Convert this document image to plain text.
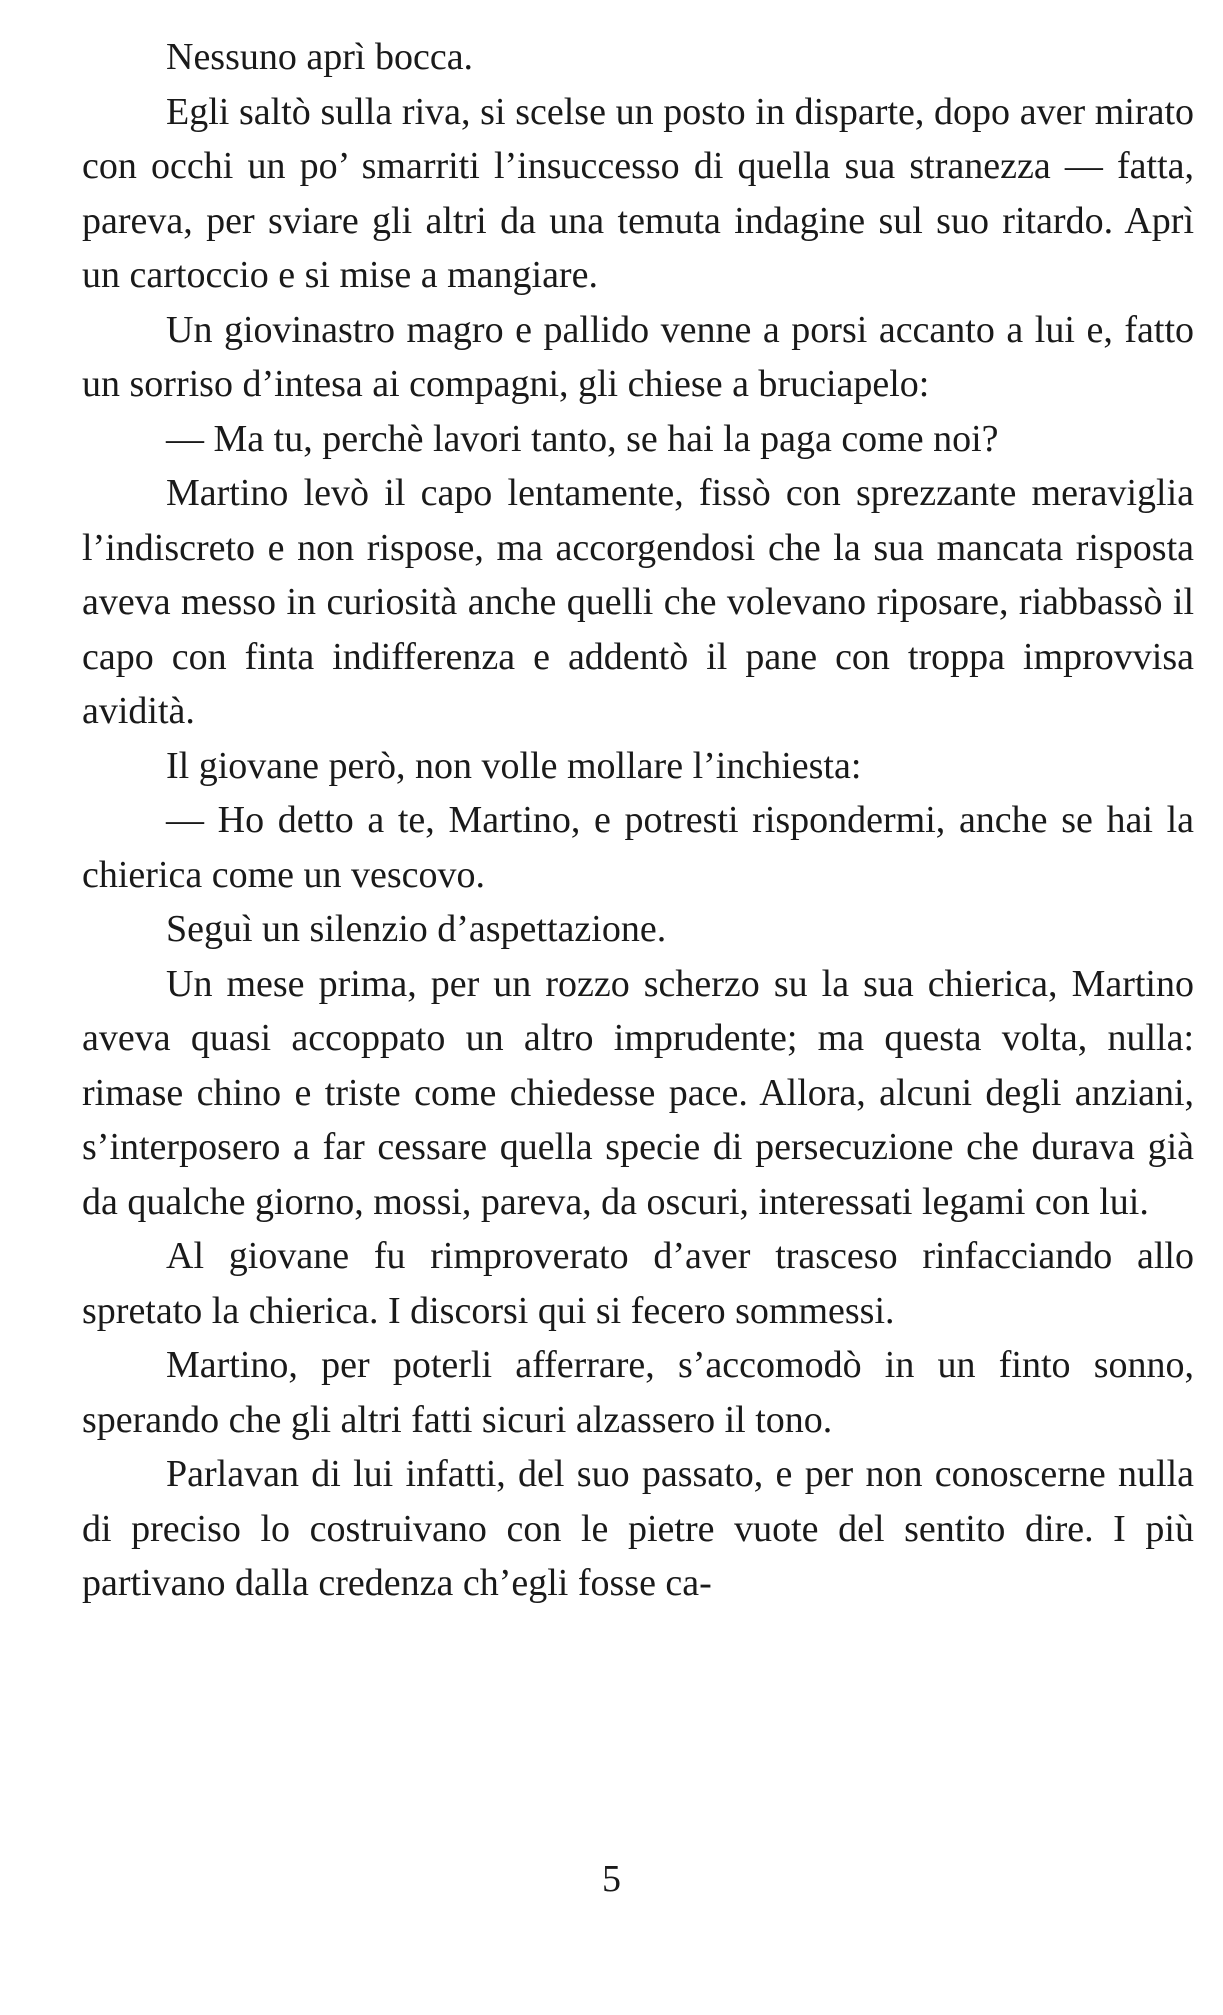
Nessuno aprì bocca.

Egli saltò sulla riva, si scelse un posto in disparte, dopo aver mirato con occhi un po’ smarriti l’insuccesso di quella sua stranezza — fatta, pareva, per sviare gli altri da una temuta indagine sul suo ritardo. Aprì un cartoccio e si mise a mangiare.

Un giovinastro magro e pallido venne a porsi accanto a lui e, fatto un sorriso d’intesa ai compagni, gli chiese a bruciapelo:

— Ma tu, perchè lavori tanto, se hai la paga come noi?

Martino levò il capo lentamente, fissò con sprezzante meraviglia l’indiscreto e non rispose, ma accorgendosi che la sua mancata risposta aveva messo in curiosità anche quelli che volevano riposare, riabbassò il capo con finta indifferenza e addentò il pane con troppa improvvisa avidità.

Il giovane però, non volle mollare l’inchiesta:

— Ho detto a te, Martino, e potresti rispondermi, anche se hai la chierica come un vescovo.

Seguì un silenzio d’aspettazione.

Un mese prima, per un rozzo scherzo su la sua chierica, Martino aveva quasi accoppato un altro imprudente; ma questa volta, nulla: rimase chino e triste come chiedesse pace. Allora, alcuni degli anziani, s’interposero a far cessare quella specie di persecuzione che durava già da qualche giorno, mossi, pareva, da oscuri, interessati legami con lui.

Al giovane fu rimproverato d’aver trasceso rinfacciando allo spretato la chierica. I discorsi qui si fecero sommessi.

Martino, per poterli afferrare, s’accomodò in un finto sonno, sperando che gli altri fatti sicuri alzassero il tono.

Parlavan di lui infatti, del suo passato, e per non conoscerne nulla di preciso lo costruivano con le pietre vuote del sentito dire. I più partivano dalla credenza ch’egli fosse ca-

5
